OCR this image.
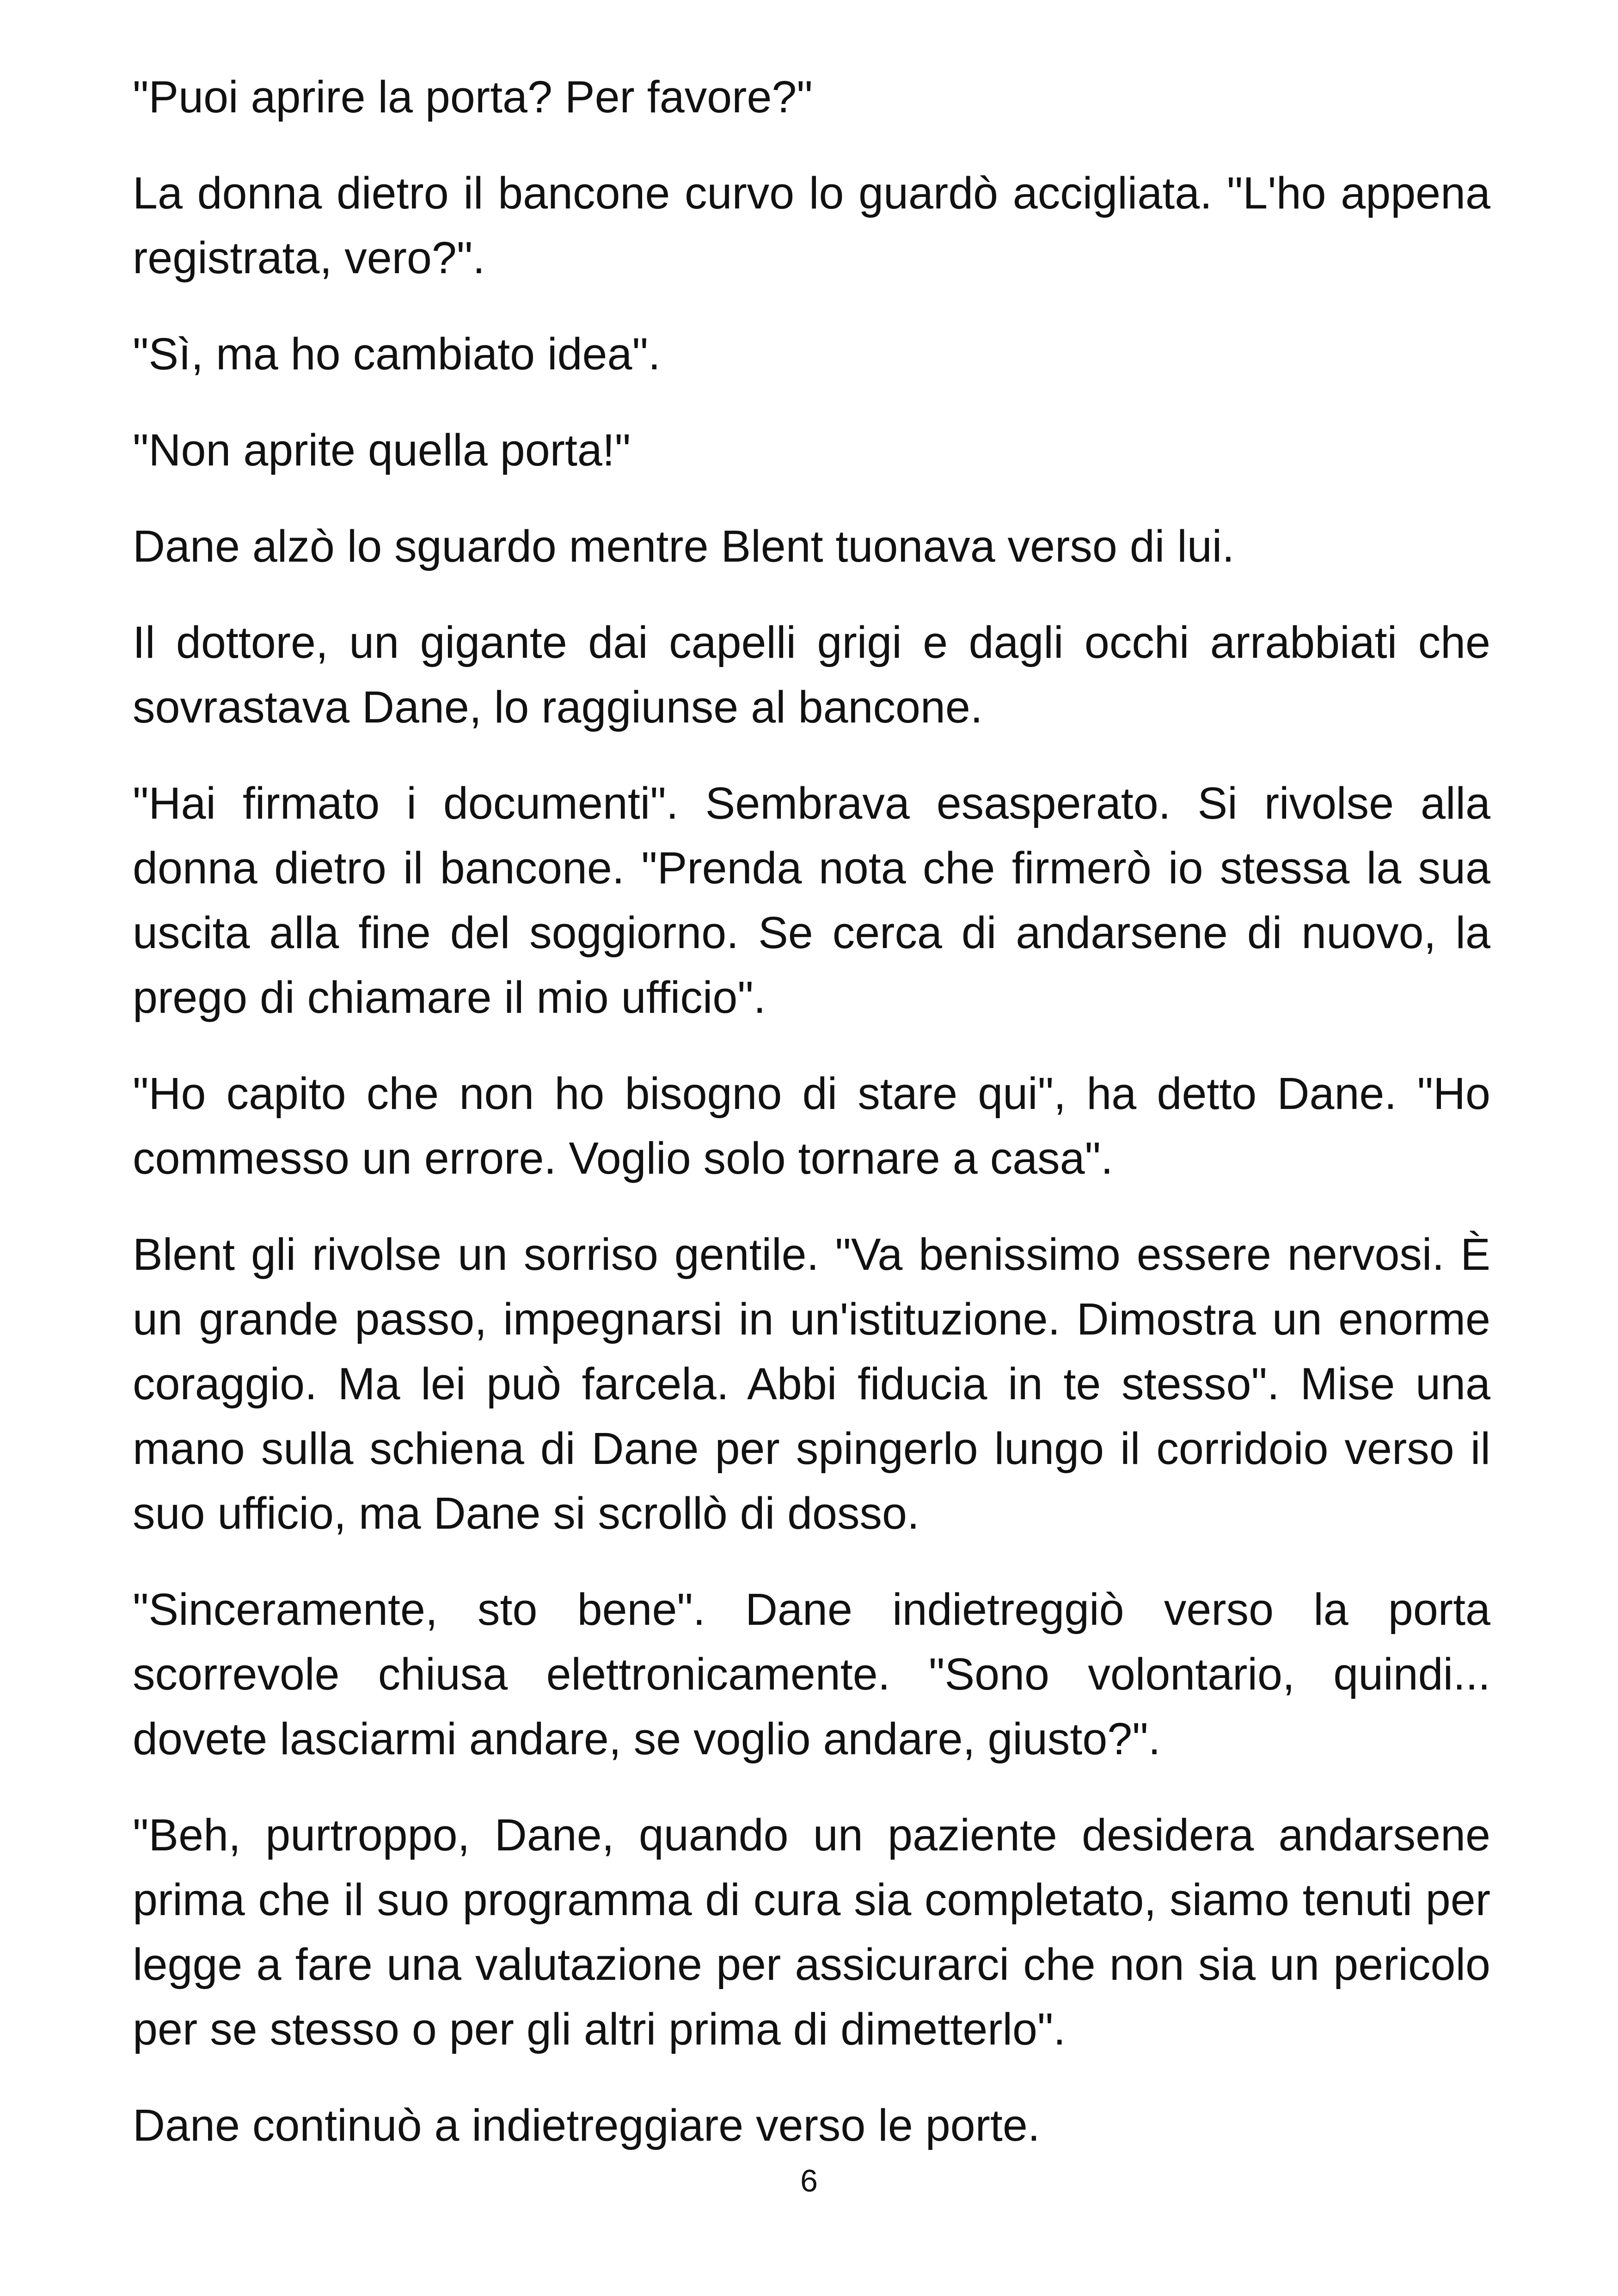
"Puoi aprire la porta? Per favore?"

La donna dietro il bancone curvo lo guardò accigliata. "L'ho appena registrata, vero?".

"Sì, ma ho cambiato idea".

"Non aprite quella porta!"

Dane alzò lo sguardo mentre Blent tuonava verso di lui.

Il dottore, un gigante dai capelli grigi e dagli occhi arrabbiati che sovrastava Dane, lo raggiunse al bancone.

"Hai firmato i documenti". Sembrava esasperato. Si rivolse alla donna dietro il bancone. "Prenda nota che firmerò io stessa la sua uscita alla fine del soggiorno. Se cerca di andarsene di nuovo, la prego di chiamare il mio ufficio".

"Ho capito che non ho bisogno di stare qui", ha detto Dane. "Ho commesso un errore. Voglio solo tornare a casa".

Blent gli rivolse un sorriso gentile. "Va benissimo essere nervosi. È un grande passo, impegnarsi in un'istituzione. Dimostra un enorme coraggio. Ma lei può farcela. Abbi fiducia in te stesso". Mise una mano sulla schiena di Dane per spingerlo lungo il corridoio verso il suo ufficio, ma Dane si scrollò di dosso.

"Sinceramente, sto bene". Dane indietreggiò verso la porta scorrevole chiusa elettronicamente. "Sono volontario, quindi... dovete lasciarmi andare, se voglio andare, giusto?".

"Beh, purtroppo, Dane, quando un paziente desidera andarsene prima che il suo programma di cura sia completato, siamo tenuti per legge a fare una valutazione per assicurarci che non sia un pericolo per se stesso o per gli altri prima di dimetterlo".

Dane continuò a indietreggiare verso le porte.

6
